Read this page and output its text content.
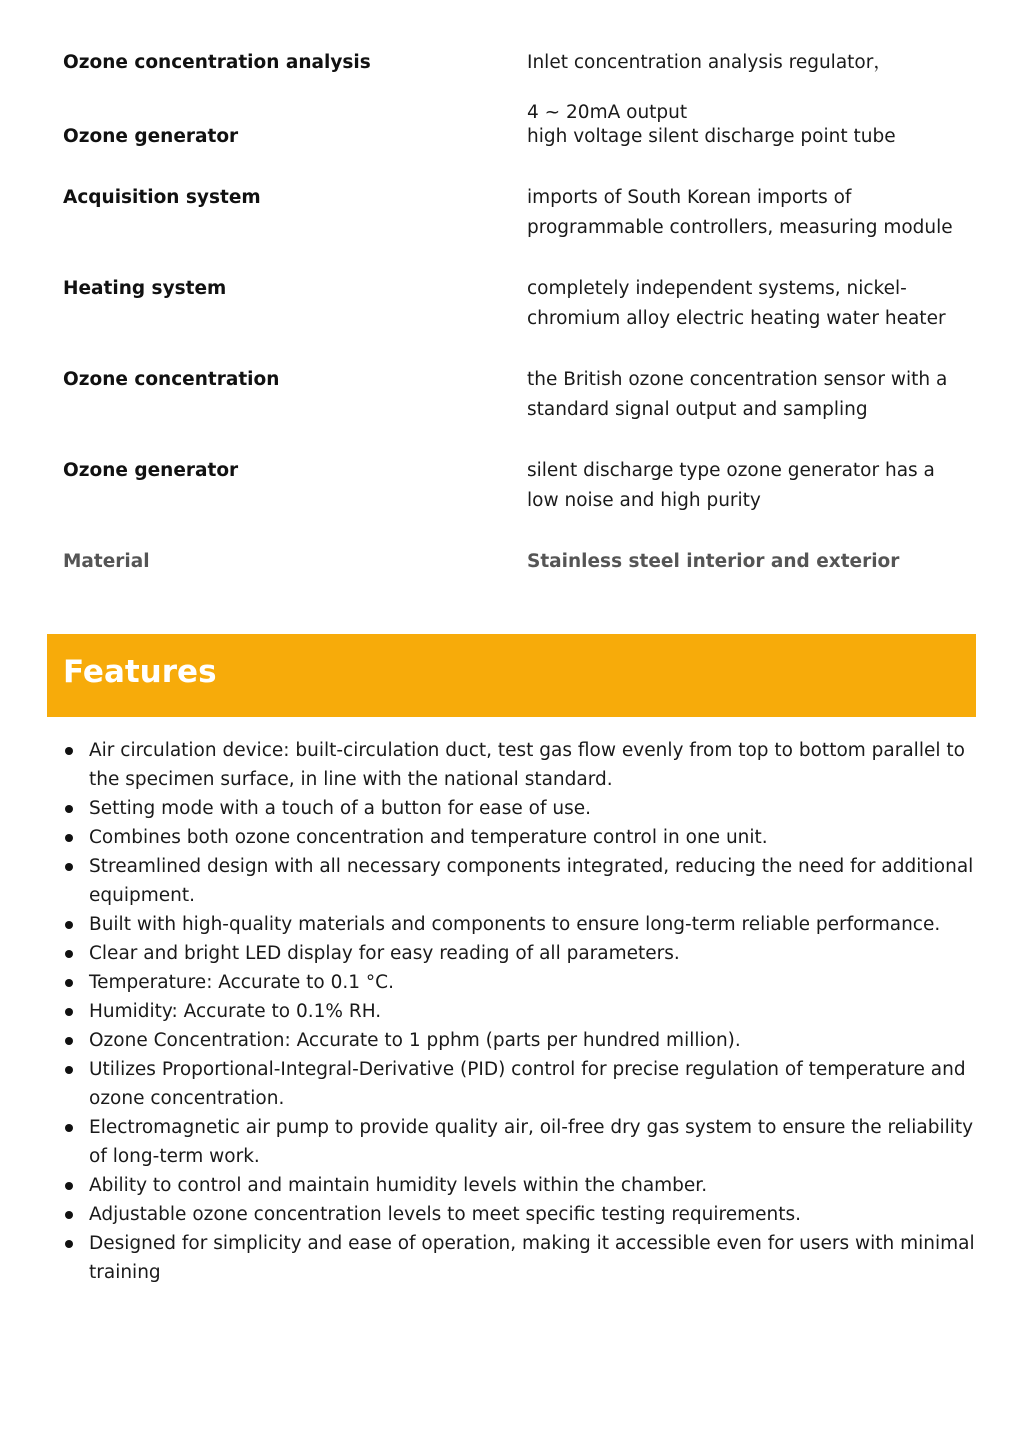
Ozone concentration analysis	Inlet concentration analysis regulator，
4 ~ 20mA output
Ozone generator	high voltage silent discharge point tube
Acquisition system	imports of South Korean imports of
programmable controllers, measuring module
Heating system	completely independent systems, nickel-
chromium alloy electric heating water heater
Ozone concentration	the British ozone concentration sensor with a
standard signal output and sampling
Ozone generator	silent discharge type ozone generator has a
low noise and high purity
Material	Stainless steel interior and exterior
Features
Air circulation device: built-circulation duct, test gas flow evenly from top to bottom parallel to the specimen surface, in line with the national standard.
Setting mode with a touch of a button for ease of use.
Combines both ozone concentration and temperature control in one unit.
Streamlined design with all necessary components integrated, reducing the need for additional equipment.
Built with high-quality materials and components to ensure long-term reliable performance.
Clear and bright LED display for easy reading of all parameters.
Temperature: Accurate to 0.1 °C.
Humidity: Accurate to 0.1% RH.
Ozone Concentration: Accurate to 1 pphm (parts per hundred million).
Utilizes Proportional-Integral-Derivative (PID) control for precise regulation of temperature and ozone concentration.
Electromagnetic air pump to provide quality air, oil-free dry gas system to ensure the reliability of long-term work.
Ability to control and maintain humidity levels within the chamber.
Adjustable ozone concentration levels to meet specific testing requirements.
Designed for simplicity and ease of operation, making it accessible even for users with minimal training
